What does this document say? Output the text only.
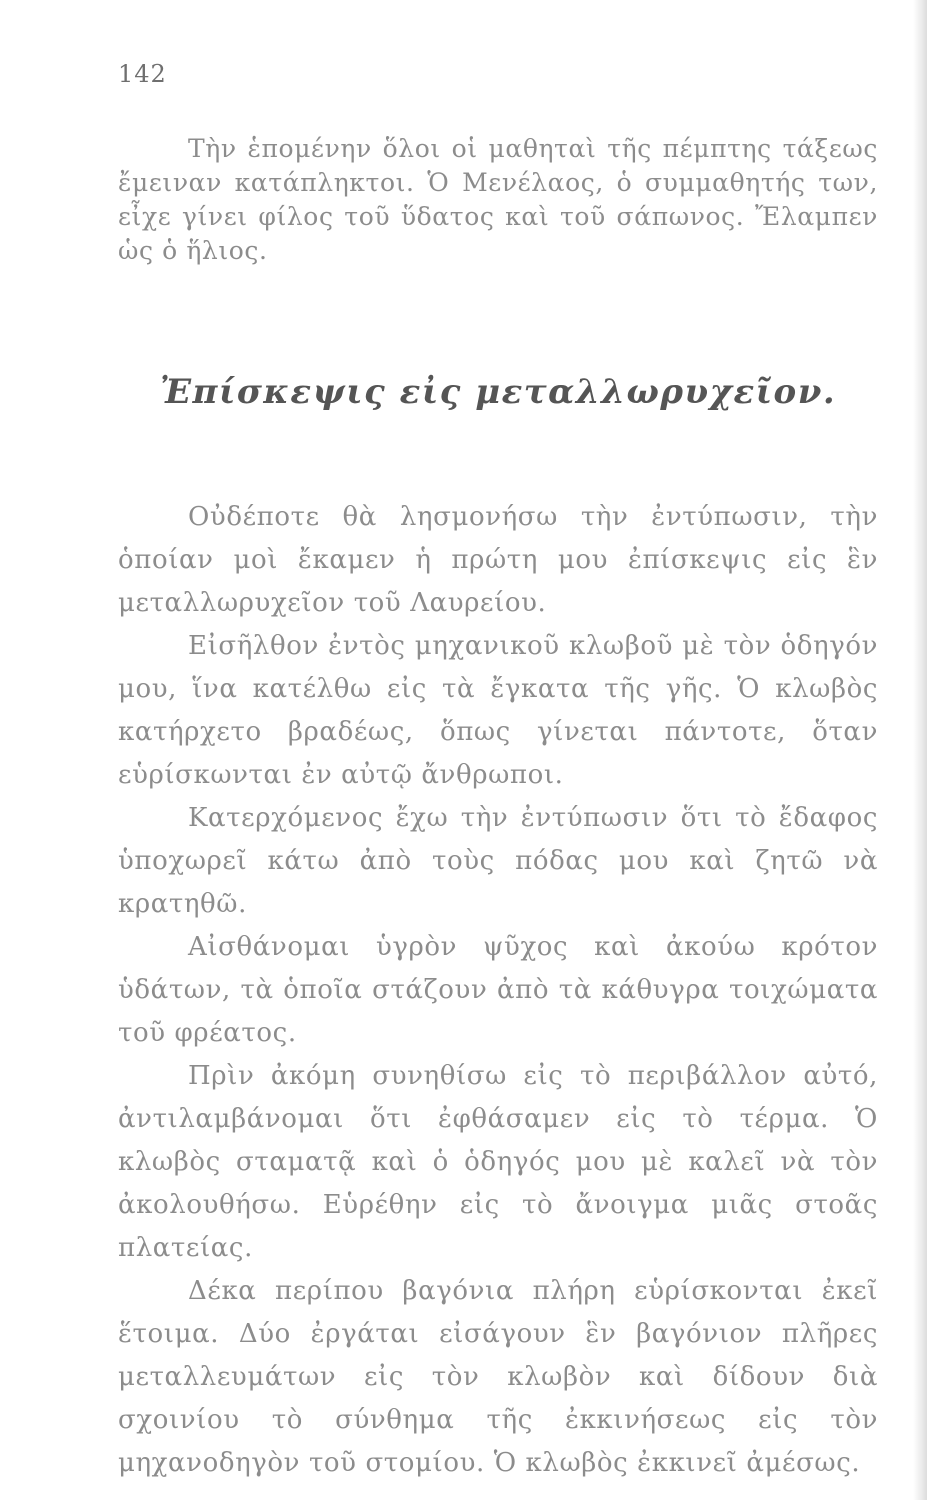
142

Τὴν ἑπομένην ὅλοι οἱ μαθηταὶ τῆς πέμπτης τάξεως ἔμειναν κατάπληκτοι. Ὁ Μενέλαος, ὁ συμμαθητής των, εἶχε γίνει φίλος τοῦ ὕδατος καὶ τοῦ σάπωνος. Ἔλαμπεν ὡς ὁ ἥλιος.

Ἐπίσκεψις εἰς μεταλλωρυχεῖον.

Οὐδέποτε θὰ λησμονήσω τὴν ἐντύπωσιν, τὴν ὁποίαν μοὶ ἔκαμεν ἡ πρώτη μου ἐπίσκεψις εἰς ἓν μεταλλωρυχεῖον τοῦ Λαυρείου.

Εἰσῆλθον ἐντὸς μηχανικοῦ κλωβοῦ μὲ τὸν ὁδηγόν μου, ἵνα κατέλθω εἰς τὰ ἔγκατα τῆς γῆς. Ὁ κλωβὸς κατήρχετο βραδέως, ὅπως γίνεται πάντοτε, ὅταν εὑρίσκωνται ἐν αὐτῷ ἄνθρωποι.

Κατερχόμενος ἔχω τὴν ἐντύπωσιν ὅτι τὸ ἔδαφος ὑποχωρεῖ κάτω ἀπὸ τοὺς πόδας μου καὶ ζητῶ νὰ κρατηθῶ.

Αἰσθάνομαι ὑγρὸν ψῦχος καὶ ἀκούω κρότον ὑδάτων, τὰ ὁποῖα στάζουν ἀπὸ τὰ κάθυγρα τοιχώματα τοῦ φρέατος.

Πρὶν ἀκόμη συνηθίσω εἰς τὸ περιβάλλον αὐτό, ἀντιλαμβάνομαι ὅτι ἐφθάσαμεν εἰς τὸ τέρμα. Ὁ κλωβὸς σταματᾷ καὶ ὁ ὁδηγός μου μὲ καλεῖ νὰ τὸν ἀκολουθήσω. Εὑρέθην εἰς τὸ ἄνοιγμα μιᾶς στοᾶς πλατείας.

Δέκα περίπου βαγόνια πλήρη εὑρίσκονται ἐκεῖ ἕτοιμα. Δύο ἐργάται εἰσάγουν ἓν βαγόνιον πλῆρες μεταλλευμάτων εἰς τὸν κλωβὸν καὶ δίδουν διὰ σχοινίου τὸ σύνθημα τῆς ἐκκινήσεως εἰς τὸν μηχανοδηγὸν τοῦ στομίου. Ὁ κλωβὸς ἐκκινεῖ ἀμέσως.
